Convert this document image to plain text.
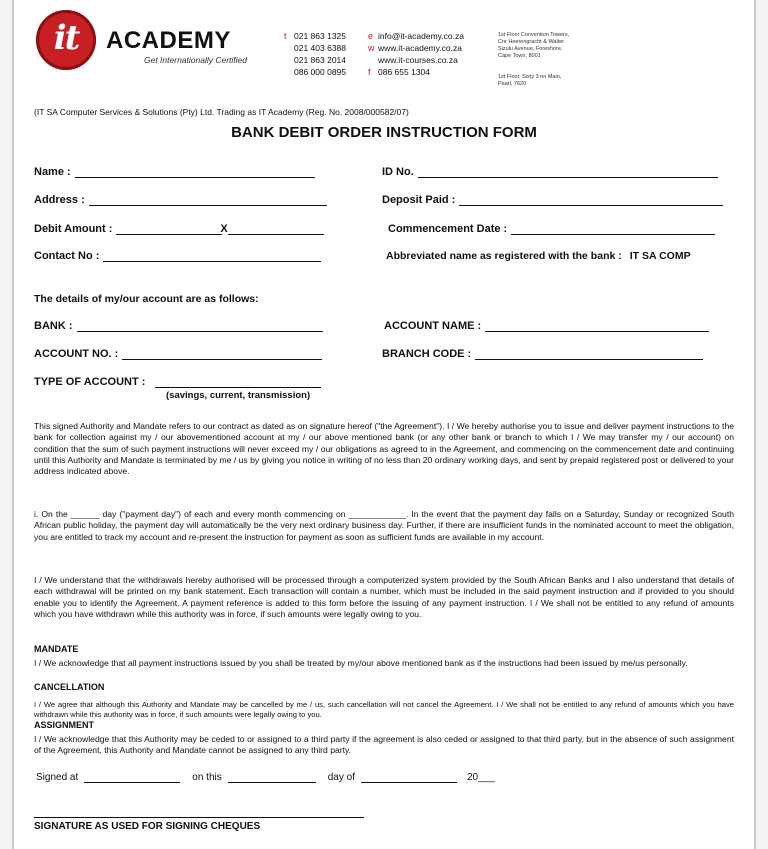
it ACADEMY
Get Internationally Certified
t 021 863 1325
021 403 6388
021 863 2014
086 000 0895
e info@it-academy.co.za
w www.it-academy.co.za
www.it-courses.co.za
f 086 655 1304
1st Floor Convention Towers,
Cnr Heerengracht & Walter
Sizulu Avenue, Foreshore,
Cape Town, 8001
1st Floor, Sixty 3 on Main,
Paarl, 7620
(IT SA Computer Services & Solutions (Pty) Ltd. Trading as IT Academy (Reg. No. 2008/000582/07)
BANK DEBIT ORDER INSTRUCTION FORM
Name :	ID No.
Address :	Deposit Paid :
Debit Amount :	X	Commencement Date :
Contact No :	Abbreviated name as registered with the bank : IT SA COMP
The details of my/our account are as follows:
BANK :	ACCOUNT NAME :
ACCOUNT NO. :	BRANCH CODE :
TYPE OF ACCOUNT :
(savings, current, transmission)
This signed Authority and Mandate refers to our contract as dated as on signature hereof ("the Agreement"). I / We hereby authorise you to issue and deliver payment instructions to the bank for collection against my / our abovementioned account at my / our above mentioned bank (or any other bank or branch to which I / We may transfer my / our account) on condition that the sum of such payment instructions will never exceed my / our obligations as agreed to in the Agreement, and commencing on the commencement date and continuing until this Authority and Mandate is terminated by me / us by giving you notice in writing of no less than 20 ordinary working days, and sent by prepaid registered post or delivered to your address indicated above.
i. On the ______ day ("payment day") of each and every month commencing on ____________. In the event that the payment day falls on a Saturday, Sunday or recognized South African public holiday, the payment day will automatically be the very next ordinary business day. Further, if there are insufficient funds in the nominated account to meet the obligation, you are entitled to track my account and re-present the instruction for payment as soon as sufficient funds are available in my account.
I / We understand that the withdrawals hereby authorised will be processed through a computerized system provided by the South African Banks and I also understand that details of each withdrawal will be printed on my bank statement. Each transaction will contain a number, which must be included in the said payment instruction and if provided to you should enable you to identify the Agreement. A payment reference is added to this form before the issuing of any payment instruction. I / We shall not be entitled to any refund of amounts which you have withdrawn while this authority was in force, if such amounts were legally owing to you.
MANDATE
I / We acknowledge that all payment instructions issued by you shall be treated by my/our above mentioned bank as if the instructions had been issued by me/us personally.
CANCELLATION
I / We agree that although this Authority and Mandate may be cancelled by me / us, such cancellation will not cancel the Agreement. I / We shall not be entitled to any refund of amounts which you have withdrawn while this authority was in force, if such amounts were legally owing to you.
ASSIGNMENT
I / We acknowledge that this Authority may be ceded to or assigned to a third party if the agreement is also ceded or assigned to that third party, but in the absence of such assignment of the Agreement, this Authority and Mandate cannot be assigned to any third party.
Signed at	on this	day of	20___
SIGNATURE AS USED FOR SIGNING CHEQUES
